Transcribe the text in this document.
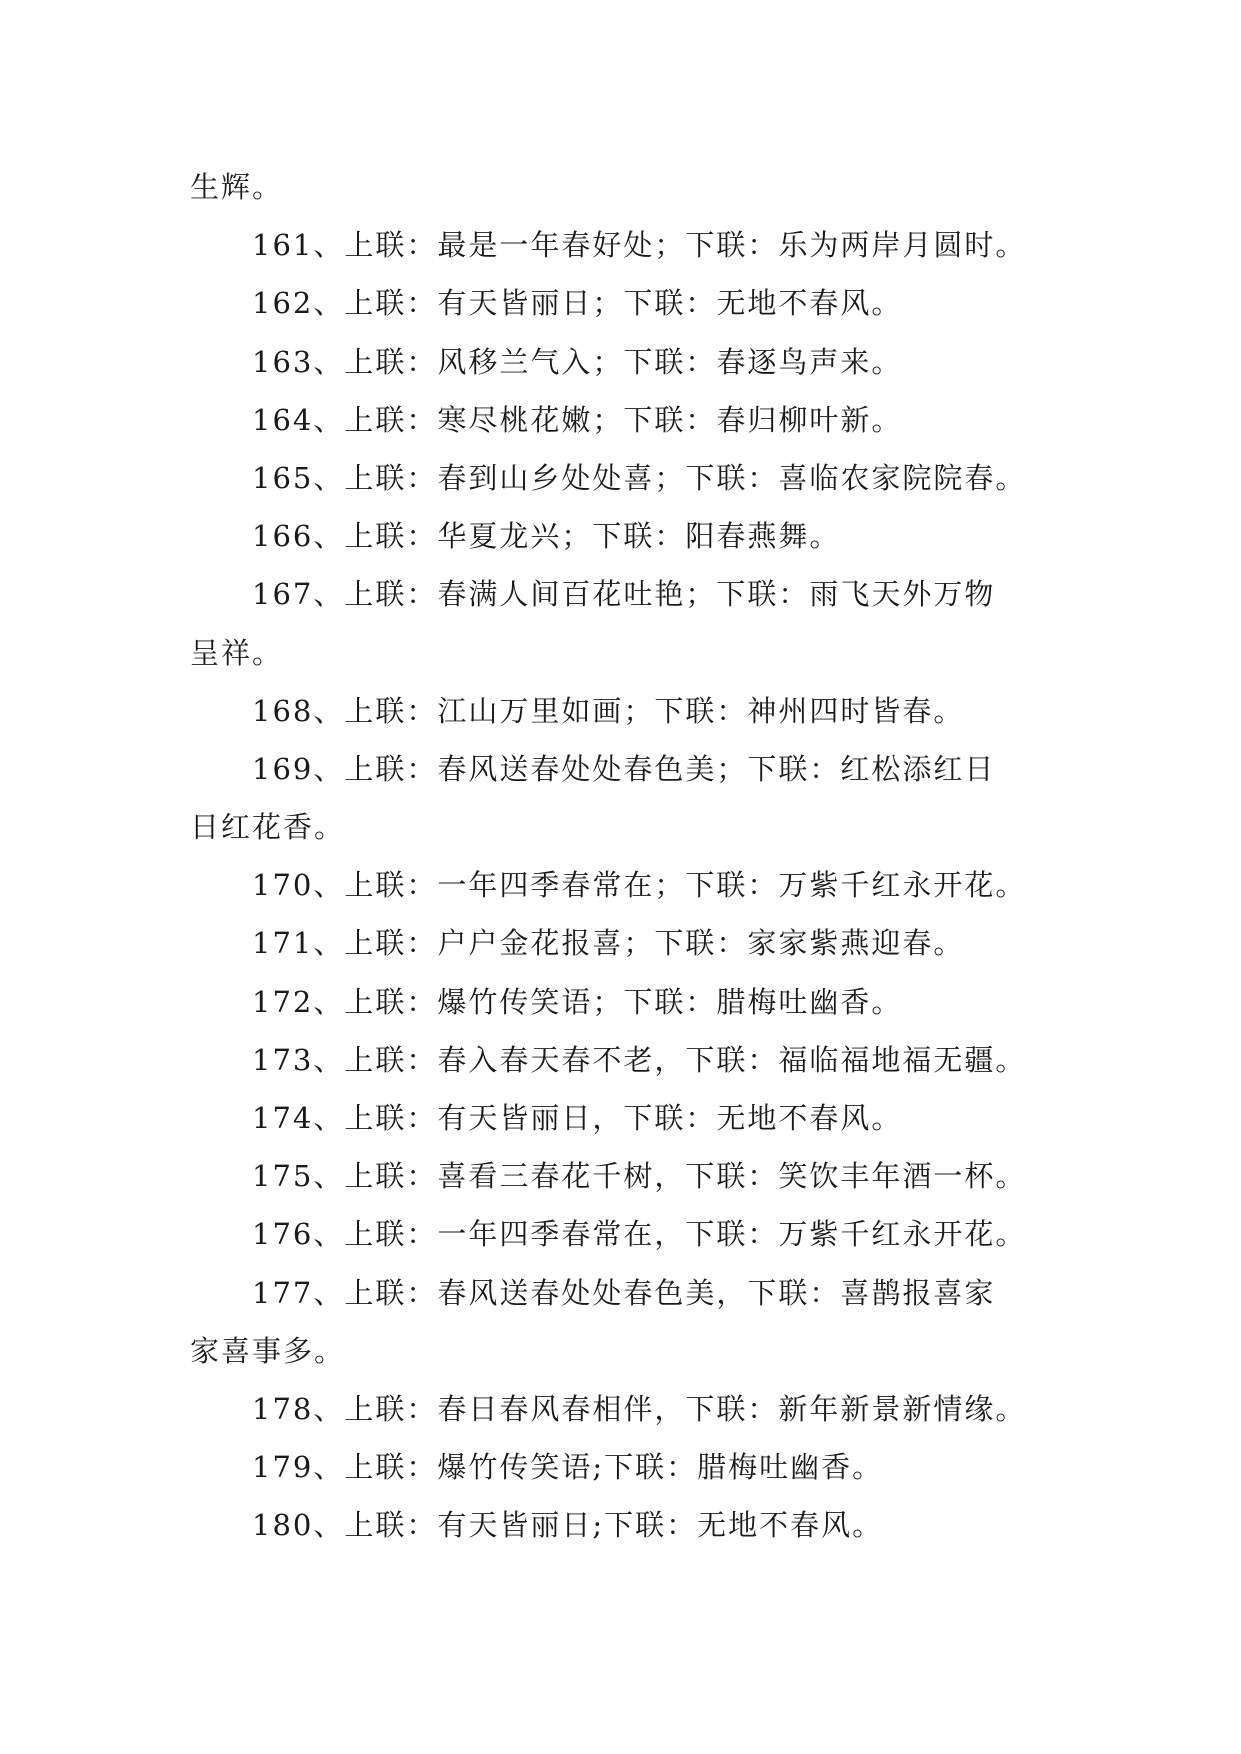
生辉。
161、上联：最是一年春好处；下联：乐为两岸月圆时。
162、上联：有天皆丽日；下联：无地不春风。
163、上联：风移兰气入；下联：春逐鸟声来。
164、上联：寒尽桃花嫩；下联：春归柳叶新。
165、上联：春到山乡处处喜；下联：喜临农家院院春。
166、上联：华夏龙兴；下联：阳春燕舞。
167、上联：春满人间百花吐艳；下联：雨飞天外万物
呈祥。
168、上联：江山万里如画；下联：神州四时皆春。
169、上联：春风送春处处春色美；下联：红松添红日
日红花香。
170、上联：一年四季春常在；下联：万紫千红永开花。
171、上联：户户金花报喜；下联：家家紫燕迎春。
172、上联：爆竹传笑语；下联：腊梅吐幽香。
173、上联：春入春天春不老，下联：福临福地福无疆。
174、上联：有天皆丽日，下联：无地不春风。
175、上联：喜看三春花千树，下联：笑饮丰年酒一杯。
176、上联：一年四季春常在，下联：万紫千红永开花。
177、上联：春风送春处处春色美，下联：喜鹊报喜家
家喜事多。
178、上联：春日春风春相伴，下联：新年新景新情缘。
179、上联：爆竹传笑语;下联：腊梅吐幽香。
180、上联：有天皆丽日;下联：无地不春风。
